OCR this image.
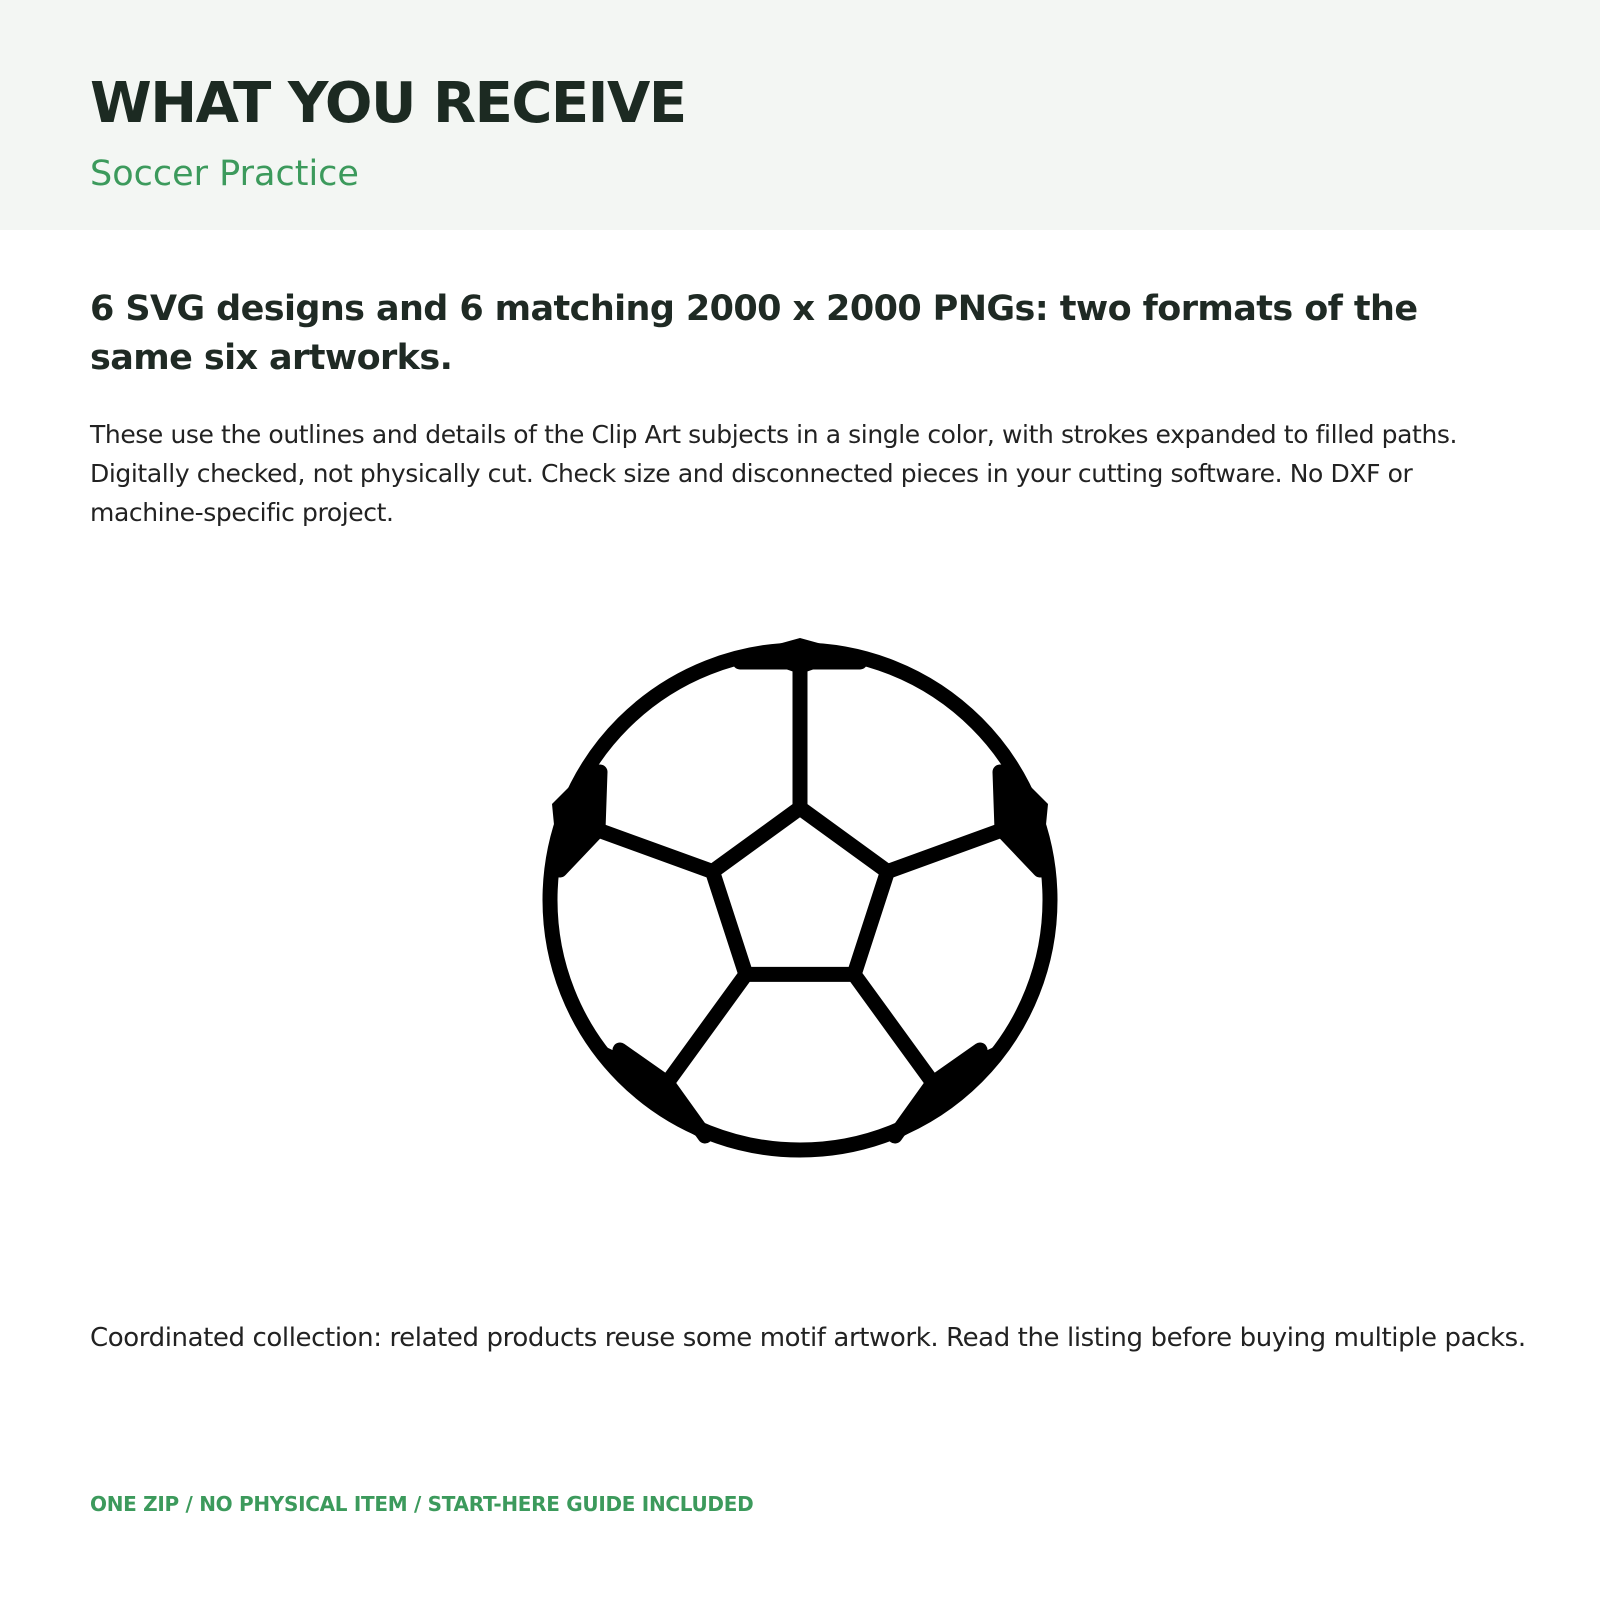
WHAT YOU RECEIVE
Soccer Practice

6 SVG designs and 6 matching 2000 x 2000 PNGs: two formats of the same six artworks.

These use the outlines and details of the Clip Art subjects in a single color, with strokes expanded to filled paths. Digitally checked, not physically cut. Check size and disconnected pieces in your cutting software. No DXF or machine-specific project.

Coordinated collection: related products reuse some motif artwork. Read the listing before buying multiple packs.

ONE ZIP / NO PHYSICAL ITEM / START-HERE GUIDE INCLUDED
